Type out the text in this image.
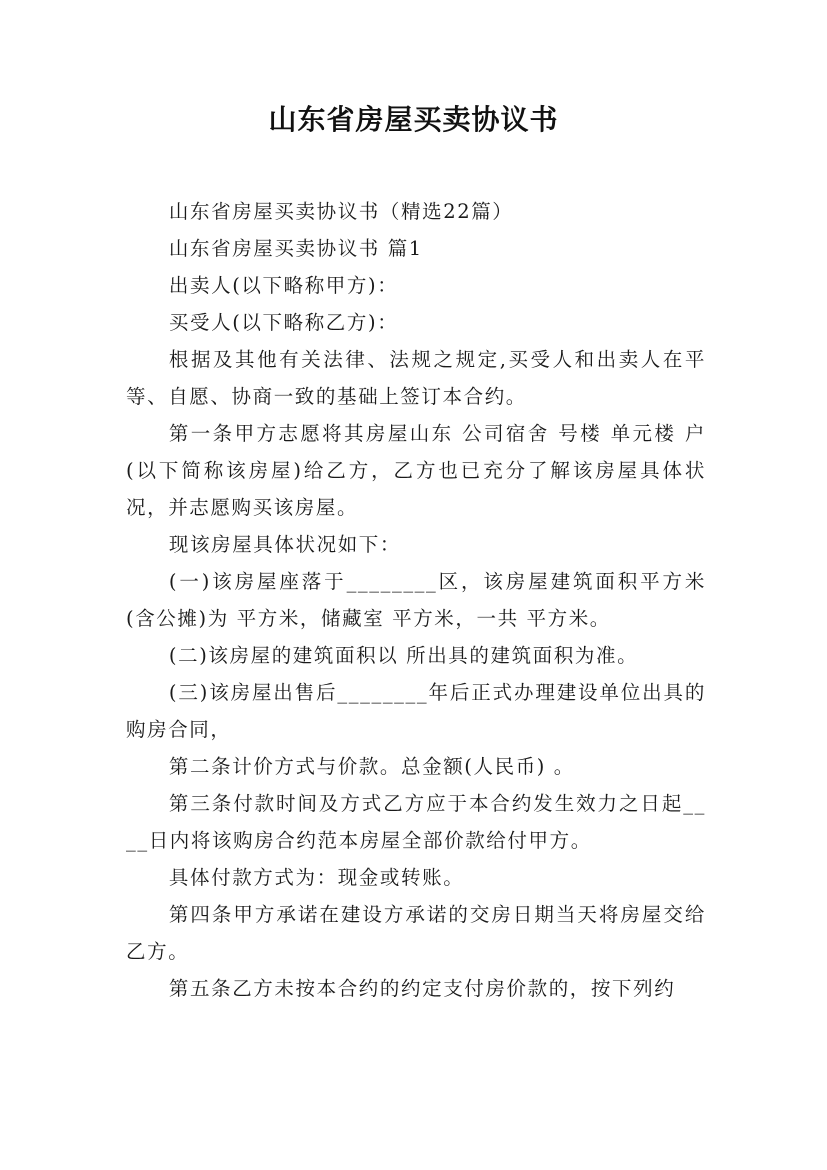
山东省房屋买卖协议书

山东省房屋买卖协议书（精选22篇）

山东省房屋买卖协议书 篇1

出卖人(以下略称甲方)：

买受人(以下略称乙方)：

根据及其他有关法律、法规之规定,买受人和出卖人在平等、自愿、协商一致的基础上签订本合约。

第一条甲方志愿将其房屋山东 公司宿舍 号楼 单元楼 户(以下简称该房屋)给乙方，乙方也已充分了解该房屋具体状况，并志愿购买该房屋。

现该房屋具体状况如下：

(一)该房屋座落于________区，该房屋建筑面积平方米(含公摊)为 平方米，储藏室 平方米，一共 平方米。

(二)该房屋的建筑面积以 所出具的建筑面积为准。

(三)该房屋出售后________年后正式办理建设单位出具的购房合同，

第二条计价方式与价款。总金额(人民币) 。

第三条付款时间及方式乙方应于本合约发生效力之日起____日内将该购房合约范本房屋全部价款给付甲方。

具体付款方式为：现金或转账。

第四条甲方承诺在建设方承诺的交房日期当天将房屋交给乙方。

第五条乙方未按本合约的约定支付房价款的，按下列约
